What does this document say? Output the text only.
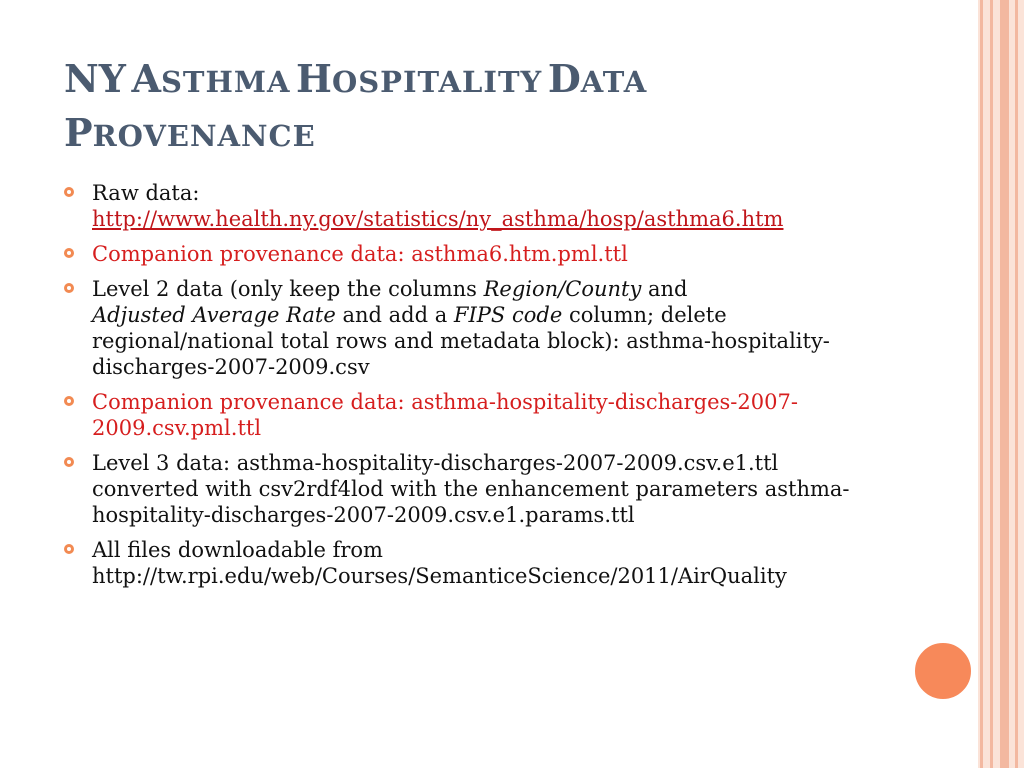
NY ASTHMA HOSPITALITY DATA
PROVENANCE
Raw data:
http://www.health.ny.gov/statistics/ny_asthma/hosp/asthma6.htm
Companion provenance data: asthma6.htm.pml.ttl
Level 2 data (only keep the columns Region/County and
Adjusted Average Rate and add a FIPS code column; delete regional/national total rows and metadata block): asthma-hospitality-discharges-2007-2009.csv
Companion provenance data: asthma-hospitality-discharges-2007-2009.csv.pml.ttl
Level 3 data: asthma-hospitality-discharges-2007-2009.csv.e1.ttl converted with csv2rdf4lod with the enhancement parameters asthma-hospitality-discharges-2007-2009.csv.e1.params.ttl
All files downloadable from
http://tw.rpi.edu/web/Courses/SemanticeScience/2011/AirQuality
